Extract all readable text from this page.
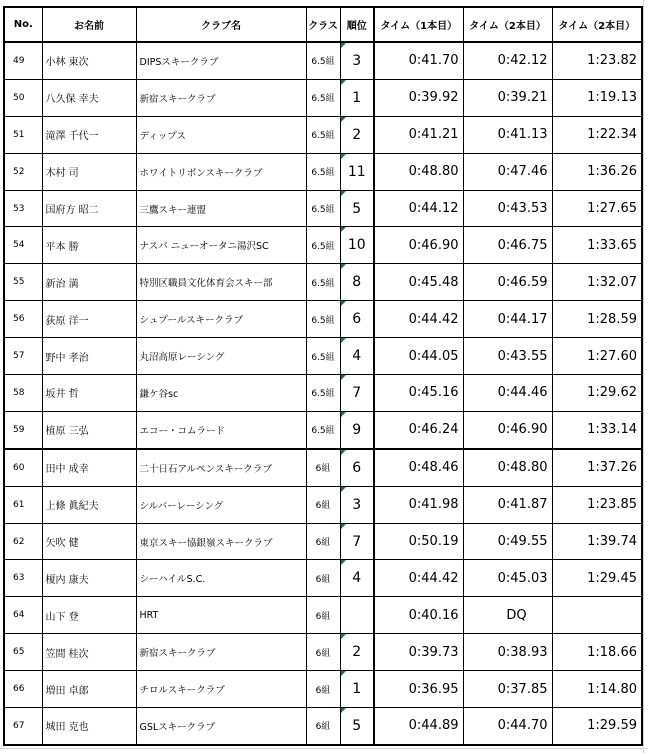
No.	お名前	クラブ名	クラス	順位	タイム（1本目）	タイム（2本目）	タイム（2本目）
49	小林 東次	DIPSスキークラブ	6.5組	3	0:41.70	0:42.12	1:23.82
50	八久保 幸夫	新宿スキークラブ	6.5組	1	0:39.92	0:39.21	1:19.13
51	滝澤 千代一	ディップス	6.5組	2	0:41.21	0:41.13	1:22.34
52	木村 司	ホワイトリボンスキークラブ	6.5組	11	0:48.80	0:47.46	1:36.26
53	国府方 昭二	三鷹スキー連盟	6.5組	5	0:44.12	0:43.53	1:27.65
54	平本 勝	ナスパ ニューオータニ湯沢SC	6.5組	10	0:46.90	0:46.75	1:33.65
55	新治 満	特別区職員文化体育会スキー部	6.5組	8	0:45.48	0:46.59	1:32.07
56	荻原 洋一	シュプールスキークラブ	6.5組	6	0:44.42	0:44.17	1:28.59
57	野中 孝治	丸沼高原レーシング	6.5組	4	0:44.05	0:43.55	1:27.60
58	坂井 哲	鎌ケ谷sc	6.5組	7	0:45.16	0:44.46	1:29.62
59	植原 三弘	エコー・コムラード	6.5組	9	0:46.24	0:46.90	1:33.14
60	田中 成幸	二十日石アルペンスキークラブ	6組	6	0:48.46	0:48.80	1:37.26
61	上條 眞紀夫	シルバーレーシング	6組	3	0:41.98	0:41.87	1:23.85
62	矢吹 健	東京スキー協銀嶺スキークラブ	6組	7	0:50.19	0:49.55	1:39.74
63	榎内 康夫	シーハイルS.C.	6組	4	0:44.42	0:45.03	1:29.45
64	山下 登	HRT	6組		0:40.16	DQ	
65	笠間 桂次	新宿スキークラブ	6組	2	0:39.73	0:38.93	1:18.66
66	増田 卓郎	チロルスキークラブ	6組	1	0:36.95	0:37.85	1:14.80
67	城田 克也	GSLスキークラブ	6組	5	0:44.89	0:44.70	1:29.59
